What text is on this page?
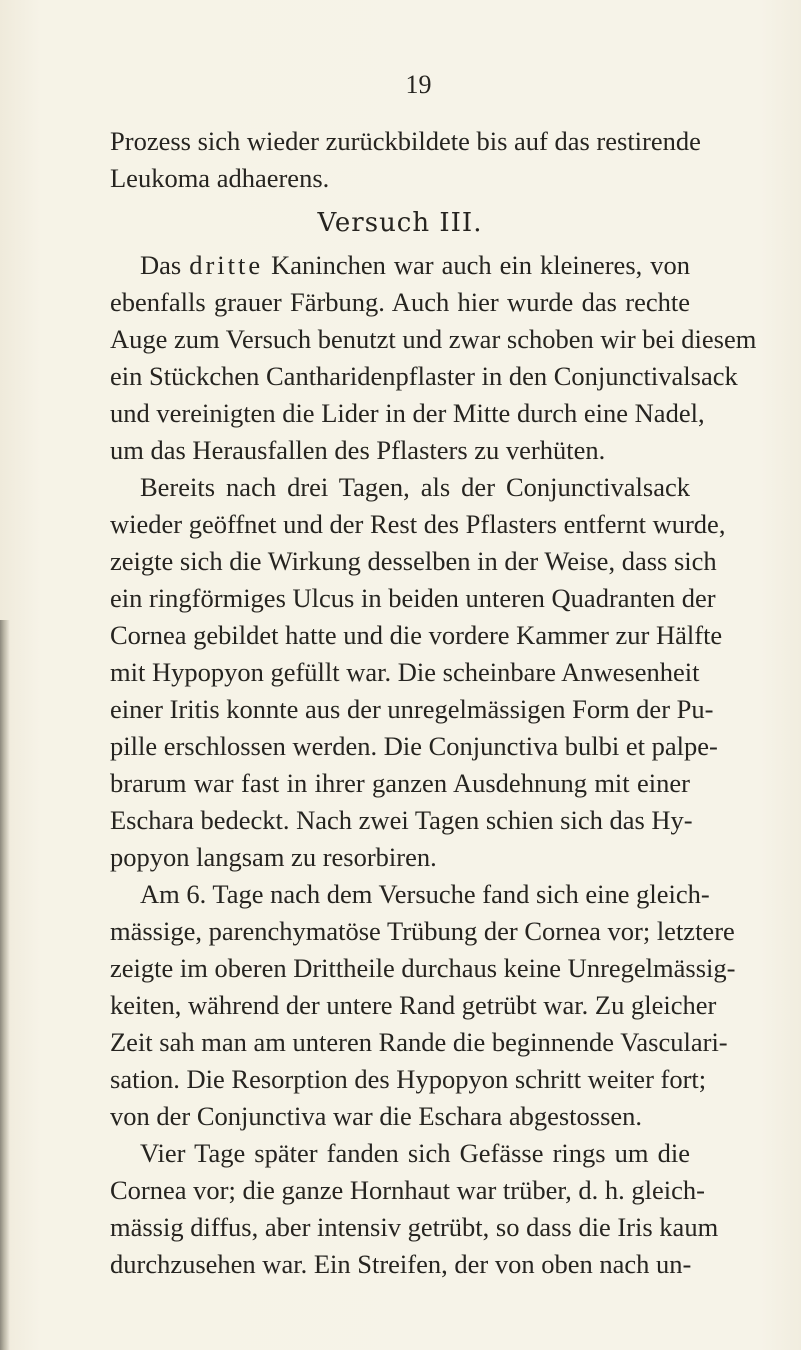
19
Prozess sich wieder zurückbildete bis auf das restirende
Leukoma adhaerens.
Versuch III.
Das dritte Kaninchen war auch ein kleineres, von
ebenfalls grauer Färbung. Auch hier wurde das rechte
Auge zum Versuch benutzt und zwar schoben wir bei diesem
ein Stückchen Cantharidenpflaster in den Conjunctivalsack
und vereinigten die Lider in der Mitte durch eine Nadel,
um das Herausfallen des Pflasters zu verhüten.
Bereits nach drei Tagen, als der Conjunctivalsack
wieder geöffnet und der Rest des Pflasters entfernt wurde,
zeigte sich die Wirkung desselben in der Weise, dass sich
ein ringförmiges Ulcus in beiden unteren Quadranten der
Cornea gebildet hatte und die vordere Kammer zur Hälfte
mit Hypopyon gefüllt war. Die scheinbare Anwesenheit
einer Iritis konnte aus der unregelmässigen Form der Pu-
pille erschlossen werden. Die Conjunctiva bulbi et palpe-
brarum war fast in ihrer ganzen Ausdehnung mit einer
Eschara bedeckt. Nach zwei Tagen schien sich das Hy-
popyon langsam zu resorbiren.
Am 6. Tage nach dem Versuche fand sich eine gleich-
mässige, parenchymatöse Trübung der Cornea vor; letztere
zeigte im oberen Drittheile durchaus keine Unregelmässig-
keiten, während der untere Rand getrübt war. Zu gleicher
Zeit sah man am unteren Rande die beginnende Vasculari-
sation. Die Resorption des Hypopyon schritt weiter fort;
von der Conjunctiva war die Eschara abgestossen.
Vier Tage später fanden sich Gefässe rings um die
Cornea vor; die ganze Hornhaut war trüber, d. h. gleich-
mässig diffus, aber intensiv getrübt, so dass die Iris kaum
durchzusehen war. Ein Streifen, der von oben nach un-
